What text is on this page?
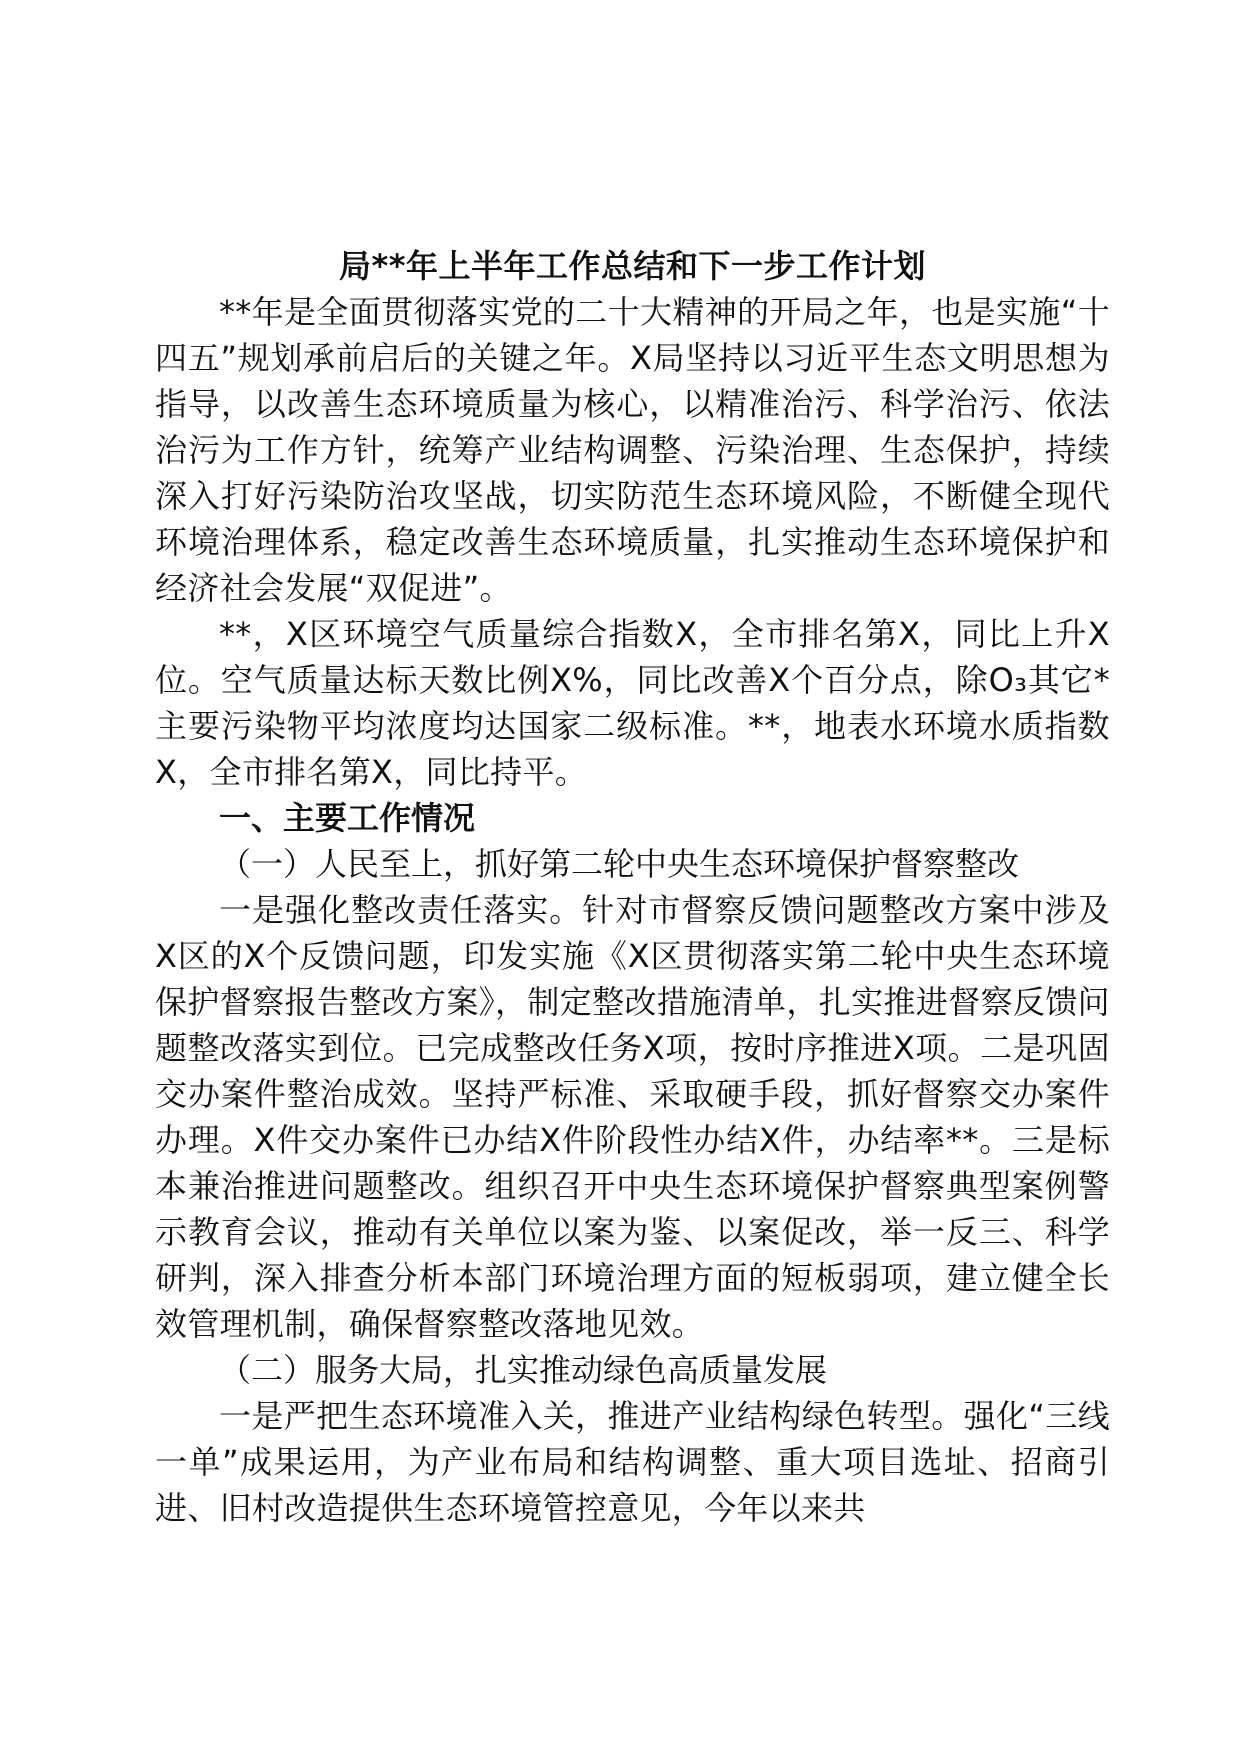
局**年上半年工作总结和下一步工作计划

**年是全面贯彻落实党的二十大精神的开局之年，也是实施“十四五”规划承前启后的关键之年。X局坚持以习近平生态文明思想为指导，以改善生态环境质量为核心，以精准治污、科学治污、依法治污为工作方针，统筹产业结构调整、污染治理、生态保护，持续深入打好污染防治攻坚战，切实防范生态环境风险，不断健全现代环境治理体系，稳定改善生态环境质量，扎实推动生态环境保护和经济社会发展“双促进”。

**，X区环境空气质量综合指数X，全市排名第X，同比上升X位。空气质量达标天数比例X%，同比改善X个百分点，除O₃其它*主要污染物平均浓度均达国家二级标准。**，地表水环境水质指数X，全市排名第X，同比持平。

一、主要工作情况

（一）人民至上，抓好第二轮中央生态环境保护督察整改

一是强化整改责任落实。针对市督察反馈问题整改方案中涉及X区的X个反馈问题，印发实施《X区贯彻落实第二轮中央生态环境保护督察报告整改方案》，制定整改措施清单，扎实推进督察反馈问题整改落实到位。已完成整改任务X项，按时序推进X项。二是巩固交办案件整治成效。坚持严标准、采取硬手段，抓好督察交办案件办理。X件交办案件已办结X件阶段性办结X件，办结率**。三是标本兼治推进问题整改。组织召开中央生态环境保护督察典型案例警示教育会议，推动有关单位以案为鉴、以案促改，举一反三、科学研判，深入排查分析本部门环境治理方面的短板弱项，建立健全长效管理机制，确保督察整改落地见效。

（二）服务大局，扎实推动绿色高质量发展

一是严把生态环境准入关，推进产业结构绿色转型。强化“三线一单”成果运用，为产业布局和结构调整、重大项目选址、招商引进、旧村改造提供生态环境管控意见，今年以来共
